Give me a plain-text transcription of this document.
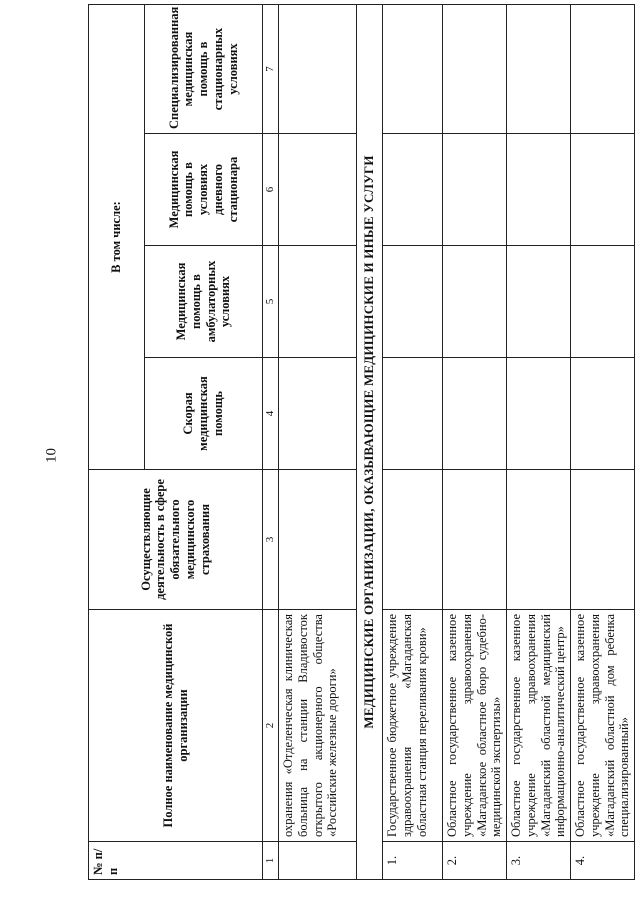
10
№ п/п	Полное наименование медицинской организации	Осуществляющие деятельность в сфере обязательного медицинского страхования	В том числе:			
			Скорая медицинская помощь	Медицинская помощь в амбулаторных условиях	Медицинская помощь в условиях дневного стационара	Специализированная медицинская помощь в стационарных условиях
1	2	3	4	5	6	7
	охранения «Отделенческая клиническая больница на станции Владивосток открытого акционерного общества «Российские железные дороги»					
МЕДИЦИНСКИЕ ОРГАНИЗАЦИИ, ОКАЗЫВАЮЩИЕ МЕДИЦИНСКИЕ И ИНЫЕ УСЛУГИ						
1.	Государственное бюджетное учреждение здравоохранения «Магаданская областная станция переливания крови»					
2.	Областное государственное казенное учреждение здравоохранения «Магаданское областное бюро судебно-медицинской экспертизы»					
3.	Областное государственное казенное учреждение здравоохранения «Магаданский областной медицинский информационно-аналитический центр»					
4.	Областное государственное казенное учреждение здравоохранения «Магаданский областной дом ребенка специализированный»					
